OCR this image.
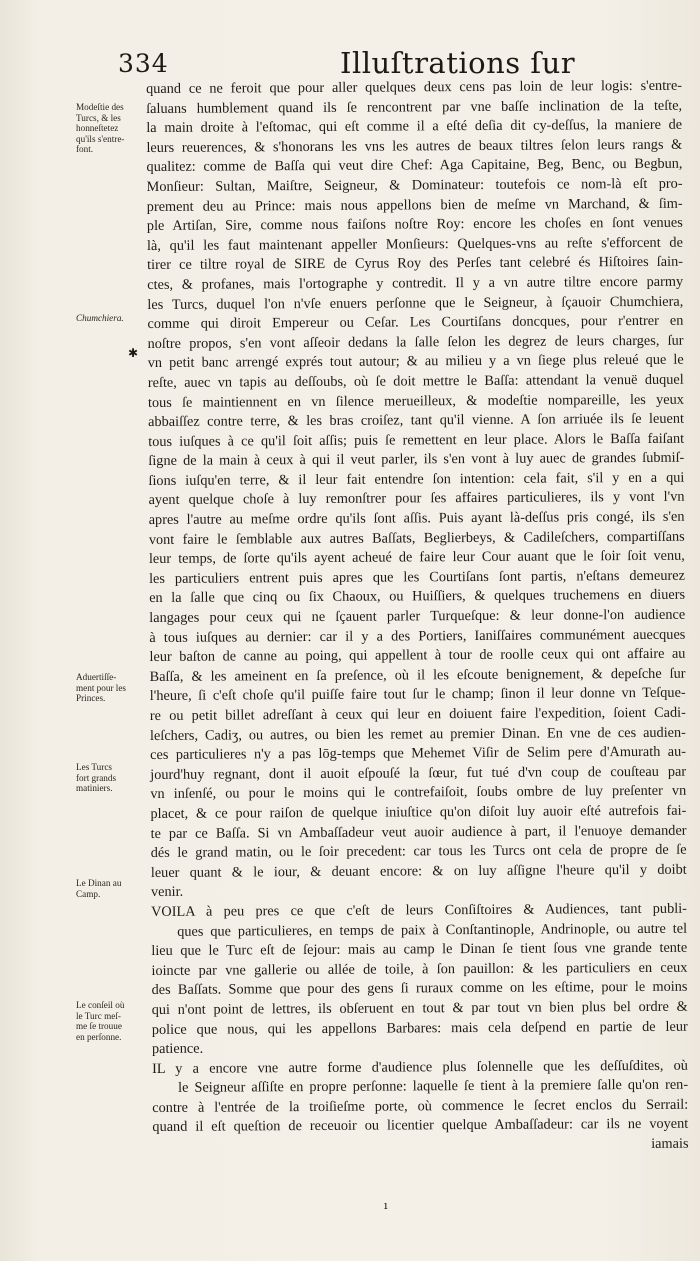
334	Illuſtrations ſur
Modeſtie des
Turcs, & les
honneſtetez
qu'ils s'entre-
font.
Chumchiera.
✱
Aduertiſſe-
ment pour les
Princes.
Les Turcs
fort grands
matiniers.
Le Dinan au
Camp.
Le conſeil où
le Turc meſ-
me ſe trouue
en perſonne.
quand ce ne feroit que pour aller quelques deux cens pas loin de leur logis: s'entre-
ſaluans humblement quand ils ſe rencontrent par vne baſſe inclination de la teſte,
la main droite à l'eſtomac, qui eſt comme il a eſté deſia dit cy-deſſus, la maniere de
leurs reuerences, & s'honorans les vns les autres de beaux tiltres ſelon leurs rangs &
qualitez: comme de Baſſa qui veut dire Chef: Aga Capitaine, Beg, Benc, ou Begbun,
Monſieur: Sultan, Maiſtre, Seigneur, & Dominateur: toutefois ce nom-là eſt pro-
prement deu au Prince: mais nous appellons bien de meſme vn Marchand, & ſim-
ple Artiſan, Sire, comme nous faiſons noſtre Roy: encore les choſes en ſont venues
là, qu'il les faut maintenant appeller Monſieurs: Quelques-vns au reſte s'efforcent de
tirer ce tiltre royal de SIRE de Cyrus Roy des Perſes tant celebré és Hiſtoires ſain-
ctes, & profanes, mais l'ortographe y contredit. Il y a vn autre tiltre encore parmy
les Turcs, duquel l'on n'vſe enuers perſonne que le Seigneur, à ſçauoir Chumchiera,
comme qui diroit Empereur ou Ceſar. Les Courtiſans doncques, pour r'entrer en
noſtre propos, s'en vont aſſeoir dedans la ſalle ſelon les degrez de leurs charges, ſur
vn petit banc arrengé exprés tout autour; & au milieu y a vn ſiege plus releué que le
reſte, auec vn tapis au deſſoubs, où ſe doit mettre le Baſſa: attendant la venuë duquel
tous ſe maintiennent en vn ſilence merueilleux, & modeſtie nompareille, les yeux
abbaiſſez contre terre, & les bras croiſez, tant qu'il vienne. A ſon arriuée ils ſe leuent
tous iuſques à ce qu'il ſoit aſſis; puis ſe remettent en leur place. Alors le Baſſa faiſant
ſigne de la main à ceux à qui il veut parler, ils s'en vont à luy auec de grandes ſubmiſ-
ſions iuſqu'en terre, & il leur fait entendre ſon intention: cela fait, s'il y en a qui
ayent quelque choſe à luy remonſtrer pour ſes affaires particulieres, ils y vont l'vn
apres l'autre au meſme ordre qu'ils ſont aſſis. Puis ayant là-deſſus pris congé, ils s'en
vont faire le ſemblable aux autres Baſſats, Beglierbeys, & Cadileſchers, compartiſſans
leur temps, de ſorte qu'ils ayent acheué de faire leur Cour auant que le ſoir ſoit venu,
les particuliers entrent puis apres que les Courtiſans ſont partis, n'eſtans demeurez
en la ſalle que cinq ou ſix Chaoux, ou Huiſſiers, & quelques truchemens en diuers
langages pour ceux qui ne ſçauent parler Turqueſque: & leur donne-l'on audience
à tous iuſques au dernier: car il y a des Portiers, Ianiſſaires communément auecques
leur baſton de canne au poing, qui appellent à tour de roolle ceux qui ont affaire au
Baſſa, & les ameinent en ſa preſence, où il les eſcoute benignement, & depeſche ſur
l'heure, ſi c'eſt choſe qu'il puiſſe faire tout ſur le champ; ſinon il leur donne vn Teſque-
re ou petit billet adreſſant à ceux qui leur en doiuent faire l'expedition, ſoient Cadi-
leſchers, Cadiʒ, ou autres, ou bien les remet au premier Dinan. En vne de ces audien-
ces particulieres n'y a pas lōg-temps que Mehemet Viſir de Selim pere d'Amurath au-
jourd'huy regnant, dont il auoit eſpouſé la ſœur, fut tué d'vn coup de couſteau par
vn inſenſé, ou pour le moins qui le contrefaiſoit, ſoubs ombre de luy preſenter vn
placet, & ce pour raiſon de quelque iniuſtice qu'on diſoit luy auoir eſté autrefois fai-
te par ce Baſſa. Si vn Ambaſſadeur veut auoir audience à part, il l'enuoye demander
dés le grand matin, ou le ſoir precedent: car tous les Turcs ont cela de propre de ſe
leuer quant & le iour, & deuant encore: & on luy aſſigne l'heure qu'il y doibt
venir.
VOILA à peu pres ce que c'eſt de leurs Conſiſtoires & Audiences, tant publi-
ques que particulieres, en temps de paix à Conſtantinople, Andrinople, ou autre tel
lieu que le Turc eſt de ſejour: mais au camp le Dinan ſe tient ſous vne grande tente
ioincte par vne gallerie ou allée de toile, à ſon pauillon: & les particuliers en ceux
des Baſſats. Somme que pour des gens ſi ruraux comme on les eſtime, pour le moins
qui n'ont point de lettres, ils obſeruent en tout & par tout vn bien plus bel ordre &
police que nous, qui les appellons Barbares: mais cela deſpend en partie de leur
patience.
IL y a encore vne autre forme d'audience plus ſolennelle que les deſſuſdites, où
le Seigneur aſſiſte en propre perſonne: laquelle ſe tient à la premiere ſalle qu'on ren-
contre à l'entrée de la troiſieſme porte, où commence le ſecret enclos du Serrail:
quand il eſt queſtion de receuoir ou licentier quelque Ambaſſadeur: car ils ne voyent
iamais
ı
